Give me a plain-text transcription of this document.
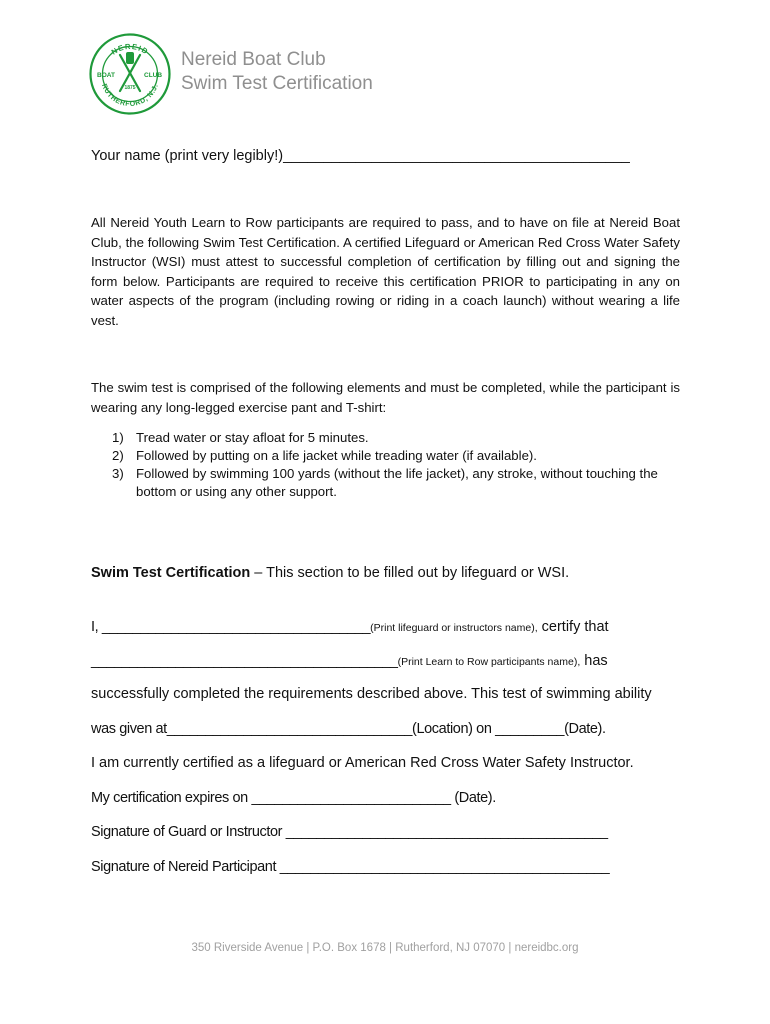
NEREID
RUTHERFORD, N.J.
BOAT	CLUB
1875
Nereid Boat Club
Swim Test Certification
Your name (print very legibly!)___________________________________________
All Nereid Youth Learn to Row participants are required to pass, and to have on file at Nereid Boat Club, the following Swim Test Certification. A certified Lifeguard or American Red Cross Water Safety Instructor (WSI) must attest to successful completion of certification by filling out and signing the form below. Participants are required to receive this certification PRIOR to participating in any on water aspects of the program (including rowing or riding in a coach launch) without wearing a life vest.
The swim test is comprised of the following elements and must be completed, while the participant is wearing any long-legged exercise pant and T-shirt:
1) Tread water or stay afloat for 5 minutes.
2) Followed by putting on a life jacket while treading water (if available).
3) Followed by swimming 100 yards (without the life jacket), any stroke, without touching the bottom or using any other support.
Swim Test Certification – This section to be filled out by lifeguard or WSI.
I, ___________________________________(Print lifeguard or instructors name), certify that
________________________________________(Print Learn to Row participants name), has
successfully completed the requirements described above. This test of swimming ability
was given at________________________________(Location) on _________(Date).
I am currently certified as a lifeguard or American Red Cross Water Safety Instructor.
My certification expires on __________________________ (Date).
Signature of Guard or Instructor __________________________________________
Signature of Nereid Participant ___________________________________________
350 Riverside Avenue | P.O. Box 1678 | Rutherford, NJ 07070 | nereidbc.org
